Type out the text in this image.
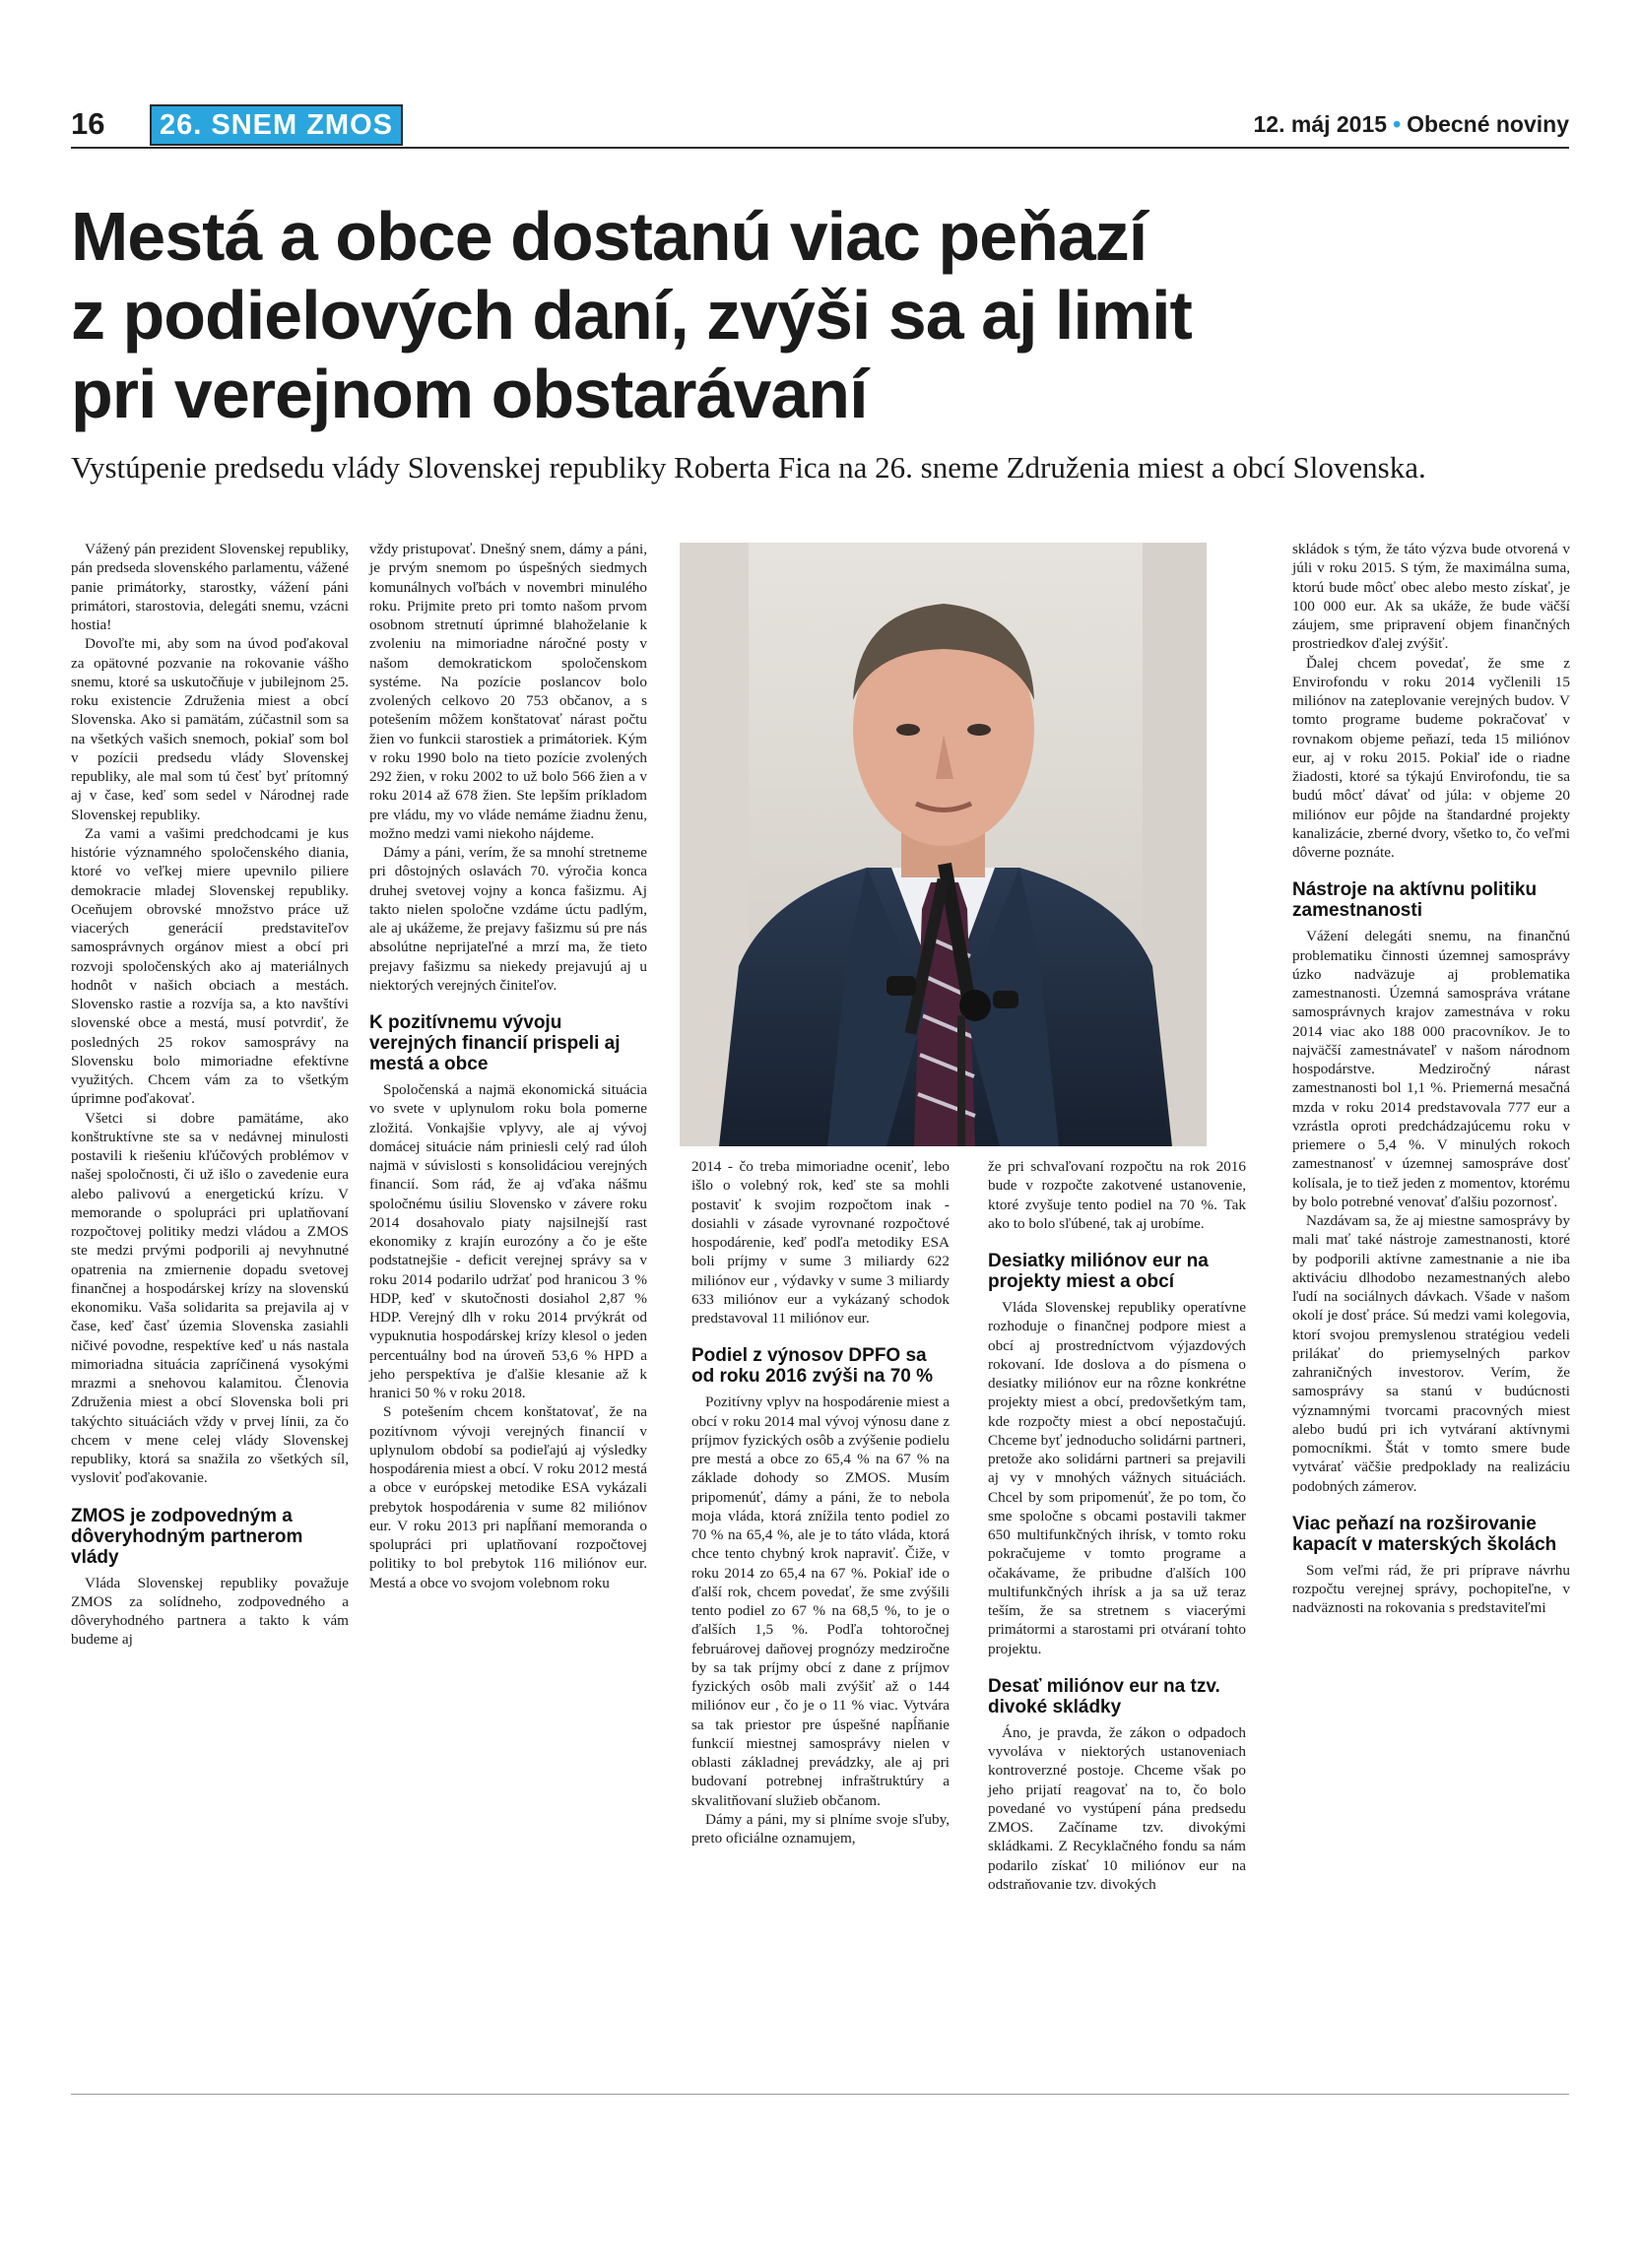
16	26. SNEM ZMOS	12. máj 2015 • Obecné noviny
Mestá a obce dostanú viac peňazí
z podielových daní, zvýši sa aj limit
pri verejnom obstarávaní

Vystúpenie predsedu vlády Slovenskej republiky Roberta Fica na 26. sneme Združenia miest a obcí Slovenska.

Vážený pán prezident Slovenskej republiky, pán predseda slovenského parlamentu, vážené panie primátorky, starostky, vážení páni primátori, starostovia, delegáti snemu, vzácni hostia!

Dovoľte mi, aby som na úvod poďakoval za opätovné pozvanie na rokovanie vášho snemu, ktoré sa uskutočňuje v jubilejnom 25. roku existencie Združenia miest a obcí Slovenska. Ako si pamätám, zúčastnil som sa na všetkých vašich snemoch, pokiaľ som bol v pozícii predsedu vlády Slovenskej republiky, ale mal som tú česť byť prítomný aj v čase, keď som sedel v Národnej rade Slovenskej republiky.

Za vami a vašimi predchodcami je kus histórie významného spoločenského diania, ktoré vo veľkej miere upevnilo piliere demokracie mladej Slovenskej republiky. Oceňujem obrovské množstvo práce už viacerých generácií predstaviteľov samosprávnych orgánov miest a obcí pri rozvoji spoločenských ako aj materiálnych hodnôt v našich obciach a mestách. Slovensko rastie a rozvíja sa, a kto navštívi slovenské obce a mestá, musí potvrdiť, že posledných 25 rokov samosprávy na Slovensku bolo mimoriadne efektívne využitých. Chcem vám za to všetkým úprimne poďakovať.

Všetci si dobre pamätáme, ako konštruktívne ste sa v nedávnej minulosti postavili k riešeniu kľúčových problémov v našej spoločnosti, či už išlo o zavedenie eura alebo palivovú a energetickú krízu. V memorande o spolupráci pri uplatňovaní rozpočtovej politiky medzi vládou a ZMOS ste medzi prvými podporili aj nevyhnutné opatrenia na zmiernenie dopadu svetovej finančnej a hospodárskej krízy na slovenskú ekonomiku. Vaša solidarita sa prejavila aj v čase, keď časť územia Slovenska zasiahli ničivé povodne, respektíve keď u nás nastala mimoriadna situácia zapríčinená vysokými mrazmi a snehovou kalamitou. Členovia Združenia miest a obcí Slovenska boli pri takýchto situáciách vždy v prvej línii, za čo chcem v mene celej vlády Slovenskej republiky, ktorá sa snažila zo všetkých síl, vysloviť poďakovanie.

ZMOS je zodpovedným a dôveryhodným partnerom vlády

Vláda Slovenskej republiky považuje ZMOS za solídneho, zodpovedného a dôveryhodného partnera a takto k vám budeme aj

vždy pristupovať. Dnešný snem, dámy a páni, je prvým snemom po úspešných siedmych komunálnych voľbách v novembri minulého roku. Prijmite preto pri tomto našom prvom osobnom stretnutí úprimné blahoželanie k zvoleniu na mimoriadne náročné posty v našom demokratickom spoločenskom systéme. Na pozície poslancov bolo zvolených celkovo 20 753 občanov, a s potešením môžem konštatovať nárast počtu žien vo funkcii starostiek a primátoriek. Kým v roku 1990 bolo na tieto pozície zvolených 292 žien, v roku 2002 to už bolo 566 žien a v roku 2014 až 678 žien. Ste lepším príkladom pre vládu, my vo vláde nemáme žiadnu ženu, možno medzi vami niekoho nájdeme.

Dámy a páni, verím, že sa mnohí stretneme pri dôstojných oslavách 70. výročia konca druhej svetovej vojny a konca fašizmu. Aj takto nielen spoločne vzdáme úctu padlým, ale aj ukážeme, že prejavy fašizmu sú pre nás absolútne neprijateľné a mrzí ma, že tieto prejavy fašizmu sa niekedy prejavujú aj u niektorých verejných činiteľov.

K pozitívnemu vývoju verejných financií prispeli aj mestá a obce

Spoločenská a najmä ekonomická situácia vo svete v uplynulom roku bola pomerne zložitá. Vonkajšie vplyvy, ale aj vývoj domácej situácie nám priniesli celý rad úloh najmä v súvislosti s konsolidáciou verejných financií. Som rád, že aj vďaka nášmu spoločnému úsiliu Slovensko v závere roku 2014 dosahovalo piaty najsilnejší rast ekonomiky z krajín eurozóny a čo je ešte podstatnejšie - deficit verejnej správy sa v roku 2014 podarilo udržať pod hranicou 3 % HDP, keď v skutočnosti dosiahol 2,87 % HDP. Verejný dlh v roku 2014 prvýkrát od vypuknutia hospodárskej krízy klesol o jeden percentuálny bod na úroveň 53,6 % HPD a jeho perspektíva je ďalšie klesanie až k hranici 50 % v roku 2018.

S potešením chcem konštatovať, že na pozitívnom vývoji verejných financií v uplynulom období sa podieľajú aj výsledky hospodárenia miest a obcí. V roku 2012 mestá a obce v európskej metodike ESA vykázali prebytok hospodárenia v sume 82 miliónov eur. V roku 2013 pri napĺňaní memoranda o spolupráci pri uplatňovaní rozpočtovej politiky to bol prebytok 116 miliónov eur. Mestá a obce vo svojom volebnom roku

2014 - čo treba mimoriadne oceniť, lebo išlo o volebný rok, keď ste sa mohli postaviť k svojim rozpočtom inak - dosiahli v zásade vyrovnané rozpočtové hospodárenie, keď podľa metodiky ESA boli príjmy v sume 3 miliardy 622 miliónov eur , výdavky v sume 3 miliardy 633 miliónov eur a vykázaný schodok predstavoval 11 miliónov eur.

Podiel z výnosov DPFO sa od roku 2016 zvýši na 70 %

Pozitívny vplyv na hospodárenie miest a obcí v roku 2014 mal vývoj výnosu dane z príjmov fyzických osôb a zvýšenie podielu pre mestá a obce zo 65,4 % na 67 % na základe dohody so ZMOS. Musím pripomenúť, dámy a páni, že to nebola moja vláda, ktorá znížila tento podiel zo 70 % na 65,4 %, ale je to táto vláda, ktorá chce tento chybný krok napraviť. Čiže, v roku 2014 zo 65,4 na 67 %. Pokiaľ ide o ďalší rok, chcem povedať, že sme zvýšili tento podiel zo 67 % na 68,5 %, to je o ďalších 1,5 %. Podľa tohtoročnej februárovej daňovej prognózy medziročne by sa tak príjmy obcí z dane z príjmov fyzických osôb mali zvýšiť až o 144 miliónov eur , čo je o 11 % viac. Vytvára sa tak priestor pre úspešné napĺňanie funkcií miestnej samosprávy nielen v oblasti základnej prevádzky, ale aj pri budovaní potrebnej infraštruktúry a skvalitňovaní služieb občanom.

Dámy a páni, my si plníme svoje sľuby, preto oficiálne oznamujem,

že pri schvaľovaní rozpočtu na rok 2016 bude v rozpočte zakotvené ustanovenie, ktoré zvyšuje tento podiel na 70 %. Tak ako to bolo sľúbené, tak aj urobíme.

Desiatky miliónov eur na projekty miest a obcí

Vláda Slovenskej republiky operatívne rozhoduje o finančnej podpore miest a obcí aj prostredníctvom výjazdových rokovaní. Ide doslova a do písmena o desiatky miliónov eur na rôzne konkrétne projekty miest a obcí, predovšetkým tam, kde rozpočty miest a obcí nepostačujú. Chceme byť jednoducho solidárni partneri, pretože ako solidárni partneri sa prejavili aj vy v mnohých vážnych situáciách. Chcel by som pripomenúť, že po tom, čo sme spoločne s obcami postavili takmer 650 multifunkčných ihrísk, v tomto roku pokračujeme v tomto programe a očakávame, že pribudne ďalších 100 multifunkčných ihrísk a ja sa už teraz teším, že sa stretnem s viacerými primátormi a starostami pri otváraní tohto projektu.

Desať miliónov eur na tzv. divoké skládky

Áno, je pravda, že zákon o odpadoch vyvoláva v niektorých ustanoveniach kontroverzné postoje. Chceme však po jeho prijatí reagovať na to, čo bolo povedané vo vystúpení pána predsedu ZMOS. Začíname tzv. divokými skládkami. Z Recyklačného fondu sa nám podarilo získať 10 miliónov eur na odstraňovanie tzv. divokých

skládok s tým, že táto výzva bude otvorená v júli v roku 2015. S tým, že maximálna suma, ktorú bude môcť obec alebo mesto získať, je 100 000 eur. Ak sa ukáže, že bude väčší záujem, sme pripravení objem finančných prostriedkov ďalej zvýšiť.

Ďalej chcem povedať, že sme z Envirofondu v roku 2014 vyčlenili 15 miliónov na zateplovanie verejných budov. V tomto programe budeme pokračovať v rovnakom objeme peňazí, teda 15 miliónov eur, aj v roku 2015. Pokiaľ ide o riadne žiadosti, ktoré sa týkajú Envirofondu, tie sa budú môcť dávať od júla: v objeme 20 miliónov eur pôjde na štandardné projekty kanalizácie, zberné dvory, všetko to, čo veľmi dôverne poznáte.

Nástroje na aktívnu politiku zamestnanosti

Vážení delegáti snemu, na finančnú problematiku činnosti územnej samosprávy úzko nadväzuje aj problematika zamestnanosti. Územná samospráva vrátane samosprávnych krajov zamestnáva v roku 2014 viac ako 188 000 pracovníkov. Je to najväčší zamestnávateľ v našom národnom hospodárstve. Medziročný nárast zamestnanosti bol 1,1 %. Priemerná mesačná mzda v roku 2014 predstavovala 777 eur a vzrástla oproti predchádzajúcemu roku v priemere o 5,4 %. V minulých rokoch zamestnanosť v územnej samospráve dosť kolísala, je to tiež jeden z momentov, ktorému by bolo potrebné venovať ďalšiu pozornosť.

Nazdávam sa, že aj miestne samosprávy by mali mať také nástroje zamestnanosti, ktoré by podporili aktívne zamestnanie a nie iba aktiváciu dlhodobo nezamestnaných alebo ľudí na sociálnych dávkach. Všade v našom okolí je dosť práce. Sú medzi vami kolegovia, ktorí svojou premyslenou stratégiou vedeli prilákať do priemyselných parkov zahraničných investorov. Verím, že samosprávy sa stanú v budúcnosti významnými tvorcami pracovných miest alebo budú pri ich vytváraní aktívnymi pomocníkmi. Štát v tomto smere bude vytvárať väčšie predpoklady na realizáciu podobných zámerov.

Viac peňazí na rozširovanie kapacít v materských školách

Som veľmi rád, že pri príprave návrhu rozpočtu verejnej správy, pochopiteľne, v nadväznosti na rokovania s predstaviteľmi
